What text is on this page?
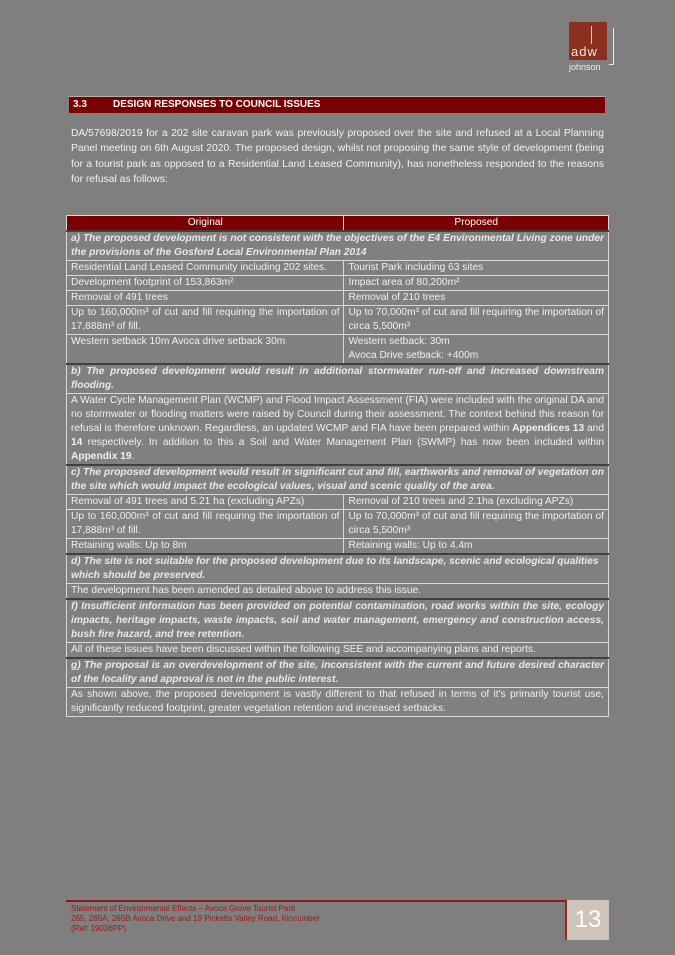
adw
johnson
3.3	DESIGN RESPONSES TO COUNCIL ISSUES

DA/57698/2019 for a 202 site caravan park was previously proposed over the site and refused at a Local Planning Panel meeting on 6th August 2020. The proposed design, whilst not proposing the same style of development (being for a tourist park as opposed to a Residential Land Leased Community), has nonetheless responded to the reasons for refusal as follows:

Original	Proposed
a) The proposed development is not consistent with the objectives of the E4 Environmental Living zone under the provisions of the Gosford Local Environmental Plan 2014	
Residential Land Leased Community including 202 sites.	Tourist Park including 63 sites
Development footprint of 153,863m²	Impact area of 80,200m²
Removal of 491 trees	Removal of 210 trees
Up to 160,000m³ of cut and fill requiring the importation of 17,888m³ of fill.	Up to 70,000m³ of cut and fill requiring the importation of circa 5,500m³
Western setback 10m Avoca drive setback 30m	Western setback: 30m
Avoca Drive setback: +400m

b) The proposed development would result in additional stormwater run-off and increased downstream flooding.	
A Water Cycle Management Plan (WCMP) and Flood Impact Assessment (FIA) were included with the original DA and no stormwater or flooding matters were raised by Council during their assessment. The context behind this reason for refusal is therefore unknown. Regardless, an updated WCMP and FIA have been prepared within Appendices 13 and 14 respectively. In addition to this a Soil and Water Management Plan (SWMP) has now been included within Appendix 19.	
c) The proposed development would result in significant cut and fill, earthworks and removal of vegetation on the site which would impact the ecological values, visual and scenic quality of the area.	
Removal of 491 trees and 5.21 ha (excluding APZs)	Removal of 210 trees and 2.1ha (excluding APZs)
Up to 160,000m³ of cut and fill requiring the importation of 17,888m³ of fill.	Up to 70,000m³ of cut and fill requiring the importation of circa 5,500m³
Retaining walls: Up to 8m	Retaining walls: Up to 4.4m
d) The site is not suitable for the proposed development due to its landscape, scenic and ecological qualities which should be preserved.	
The development has been amended as detailed above to address this issue.	
f) Insufficient information has been provided on potential contamination, road works within the site, ecology impacts, heritage impacts, waste impacts, soil and water management, emergency and construction access, bush fire hazard, and tree retention.	
All of these issues have been discussed within the following SEE and accompanying plans and reports.	
g) The proposal is an overdevelopment of the site, inconsistent with the current and future desired character of the locality and approval is not in the public interest.	
As shown above, the proposed development is vastly different to that refused in terms of it's primarily tourist use, significantly reduced footprint, greater vegetation retention and increased setbacks.	
Statement of Environmental Effects – Avoca Grove Tourist Park
265, 265A, 265B Avoca Drive and 19 Picketts Valley Road, Kincumber
(Ref: 19036PP)	13
